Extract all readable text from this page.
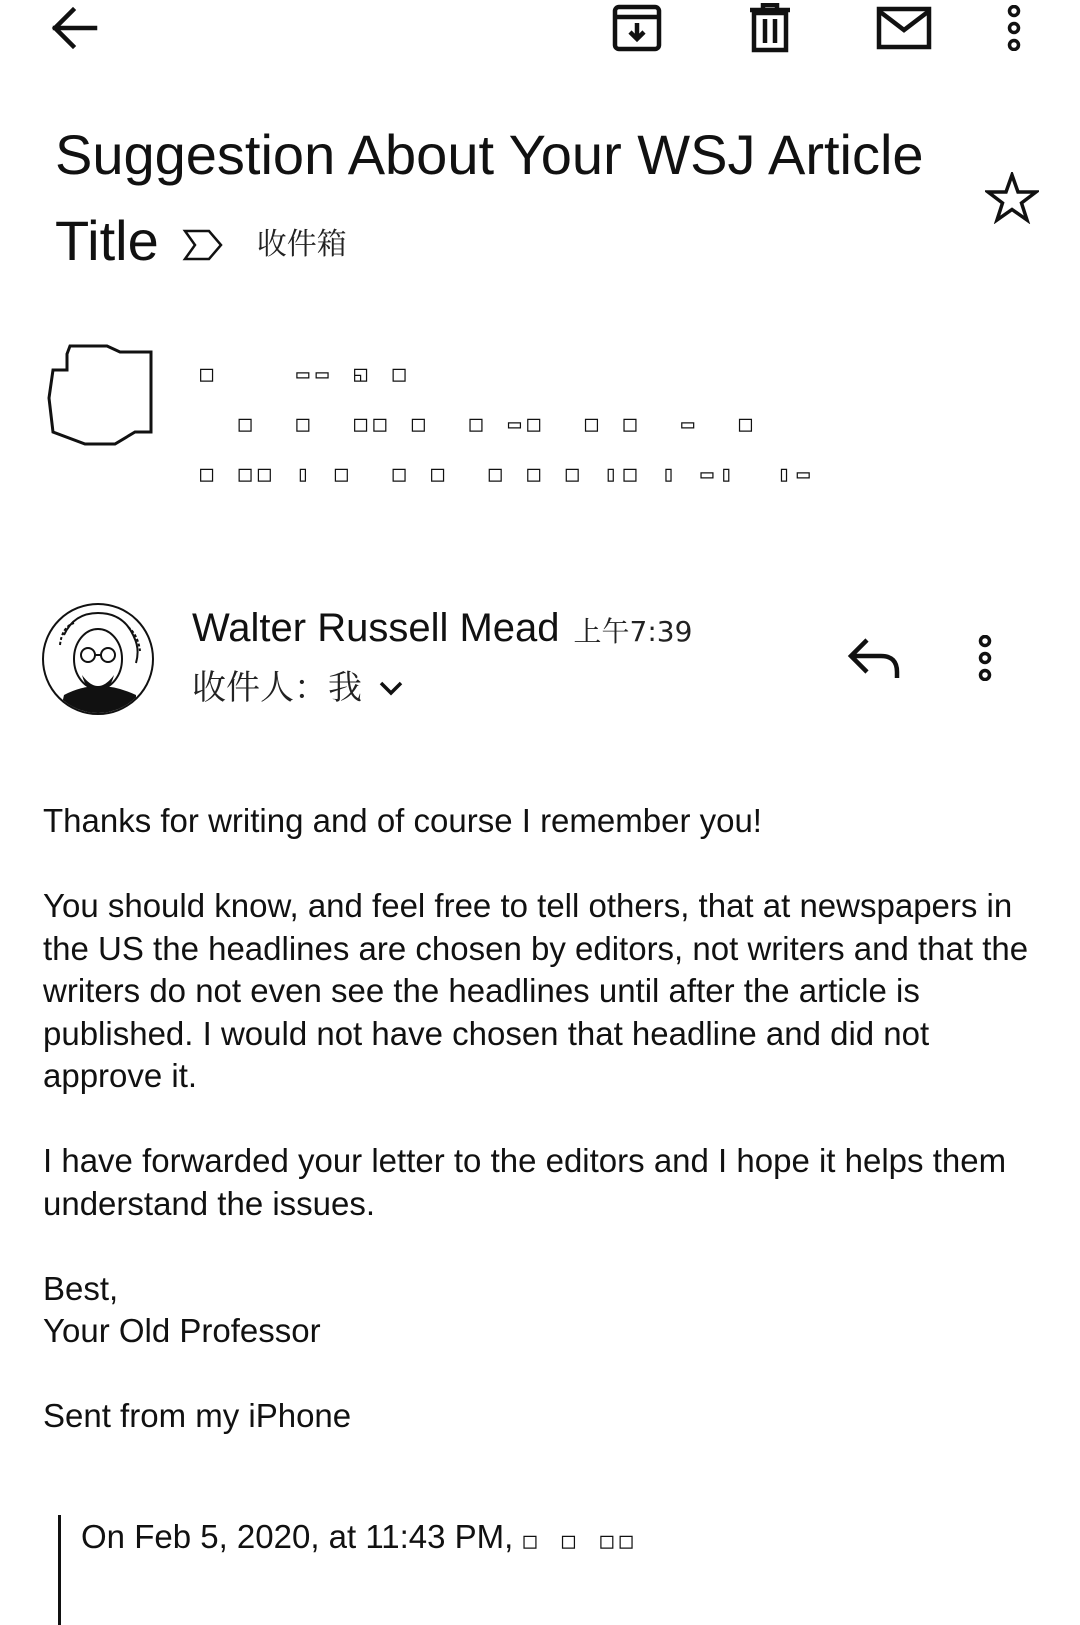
Suggestion About Your WSJ Article Title	收件箱
□    ▭▭ ◱ □
□  □  □□ □  □ ▭□  □ □  ▭  □
□ □□ ▯ □  □ □  □ □ □ ▯□ ▯ ▭▯  ▯▭
Walter Russell Mead 上午7:39
收件人：我

Thanks for writing and of course I remember you!

You should know, and feel free to tell others, that at newspapers in the US the headlines are chosen by editors, not writers and that the writers do not even see the headlines until after the article is published. I would not have chosen that headline and did not approve it.

I have forwarded your letter to the editors and I hope it helps them understand the issues.

Best,

Your Old Professor

Sent from my iPhone

On Feb 5, 2020, at 11:43 PM, □ □ □□
